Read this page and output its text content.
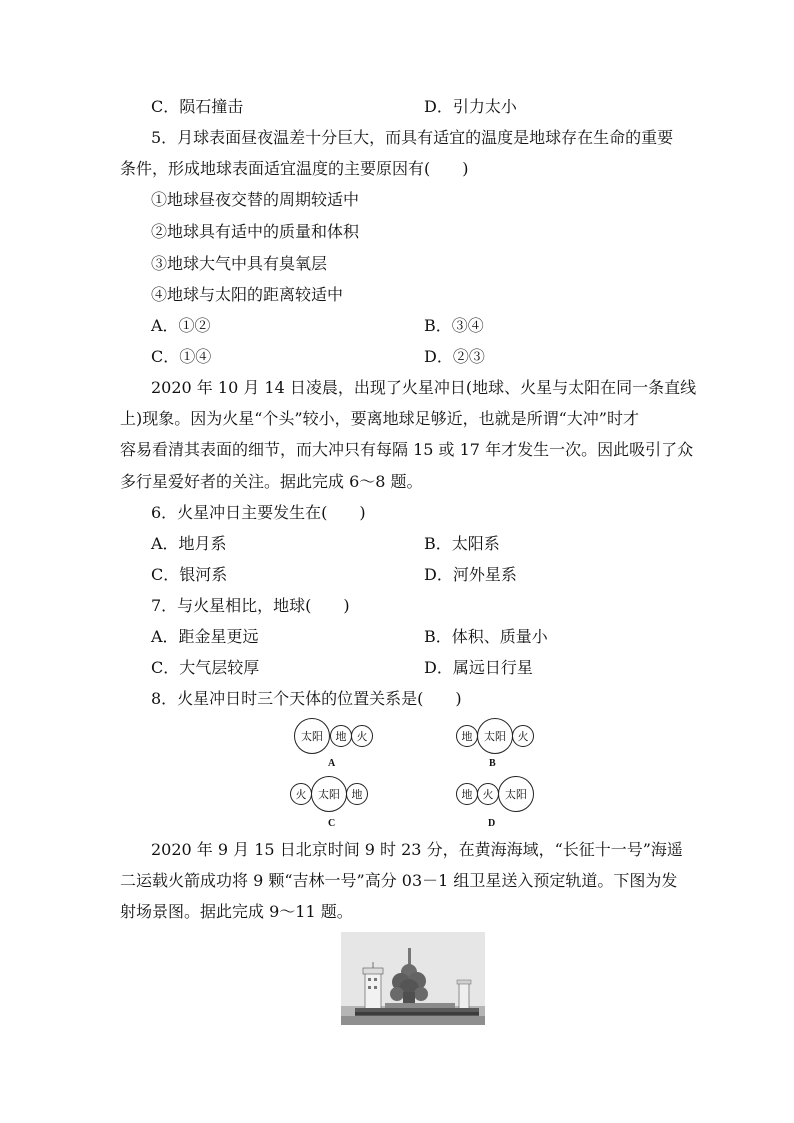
C．陨石撞击	D．引力太小
5．月球表面昼夜温差十分巨大，而具有适宜的温度是地球存在生命的重要
条件，形成地球表面适宜温度的主要原因有(　　)
①地球昼夜交替的周期较适中
②地球具有适中的质量和体积
③地球大气中具有臭氧层
④地球与太阳的距离较适中
A．①②	B．③④
C．①④	D．②③
2020 年 10 月 14 日凌晨，出现了火星冲日(地球、火星与太阳在同一条直线
上)现象。因为火星“个头”较小，要离地球足够近，也就是所谓“大冲”时才
容易看清其表面的细节，而大冲只有每隔 15 或 17 年才发生一次。因此吸引了众
多行星爱好者的关注。据此完成 6～8 题。
6．火星冲日主要发生在(　　)
A．地月系	B．太阳系
C．银河系	D．河外星系
7．与火星相比，地球(　　)
A．距金星更远	B．体积、质量小
C．大气层较厚	D．属远日行星
8．火星冲日时三个天体的位置关系是(　　)
太阳	地 火
A
地	太阳	火
B
火	太阳	地
C
地 火	太阳
D
2020 年 9 月 15 日北京时间 9 时 23 分，在黄海海域，“长征十一号”海遥
二运载火箭成功将 9 颗“吉林一号”高分 03－1 组卫星送入预定轨道。下图为发
射场景图。据此完成 9～11 题。
